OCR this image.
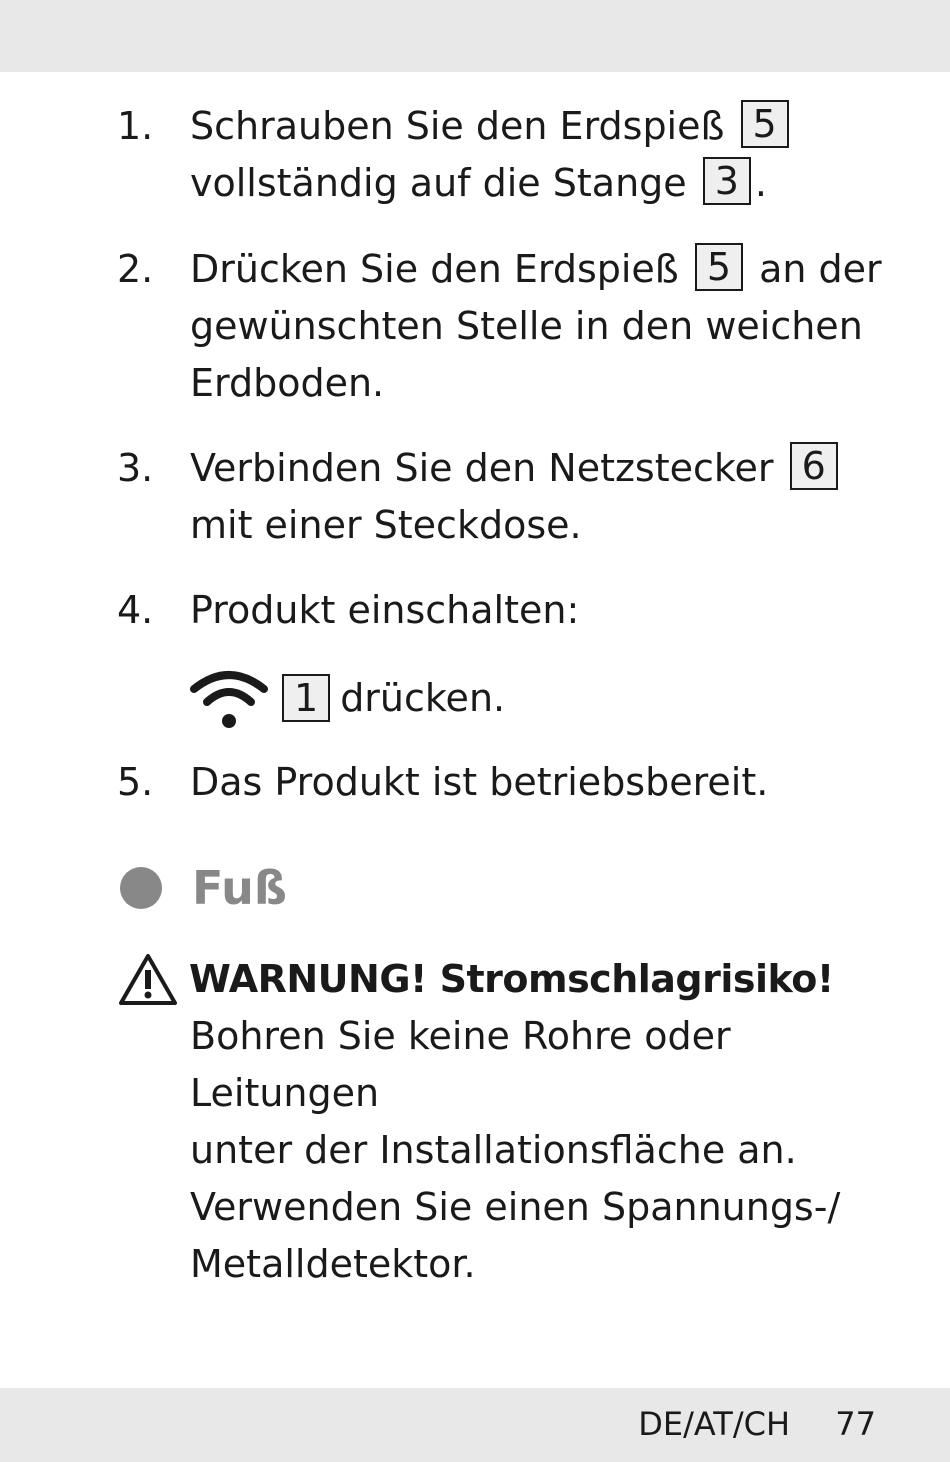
1. Schrauben Sie den Erdspieß 5
vollständig auf die Stange 3 .
2. Drücken Sie den Erdspieß 5 an der gewünschten Stelle in den weichen Erdboden.
3. Verbinden Sie den Netzstecker 6 mit einer Steckdose.
4. Produkt einschalten:
1 drücken.
5. Das Produkt ist betriebsbereit.
Fuß
WARNUNG! Stromschlagrisiko!
Bohren Sie keine Rohre oder Leitungen
unter der Installationsfläche an.
Verwenden Sie einen Spannungs-/
Metalldetektor.
DE/AT/CH 77
